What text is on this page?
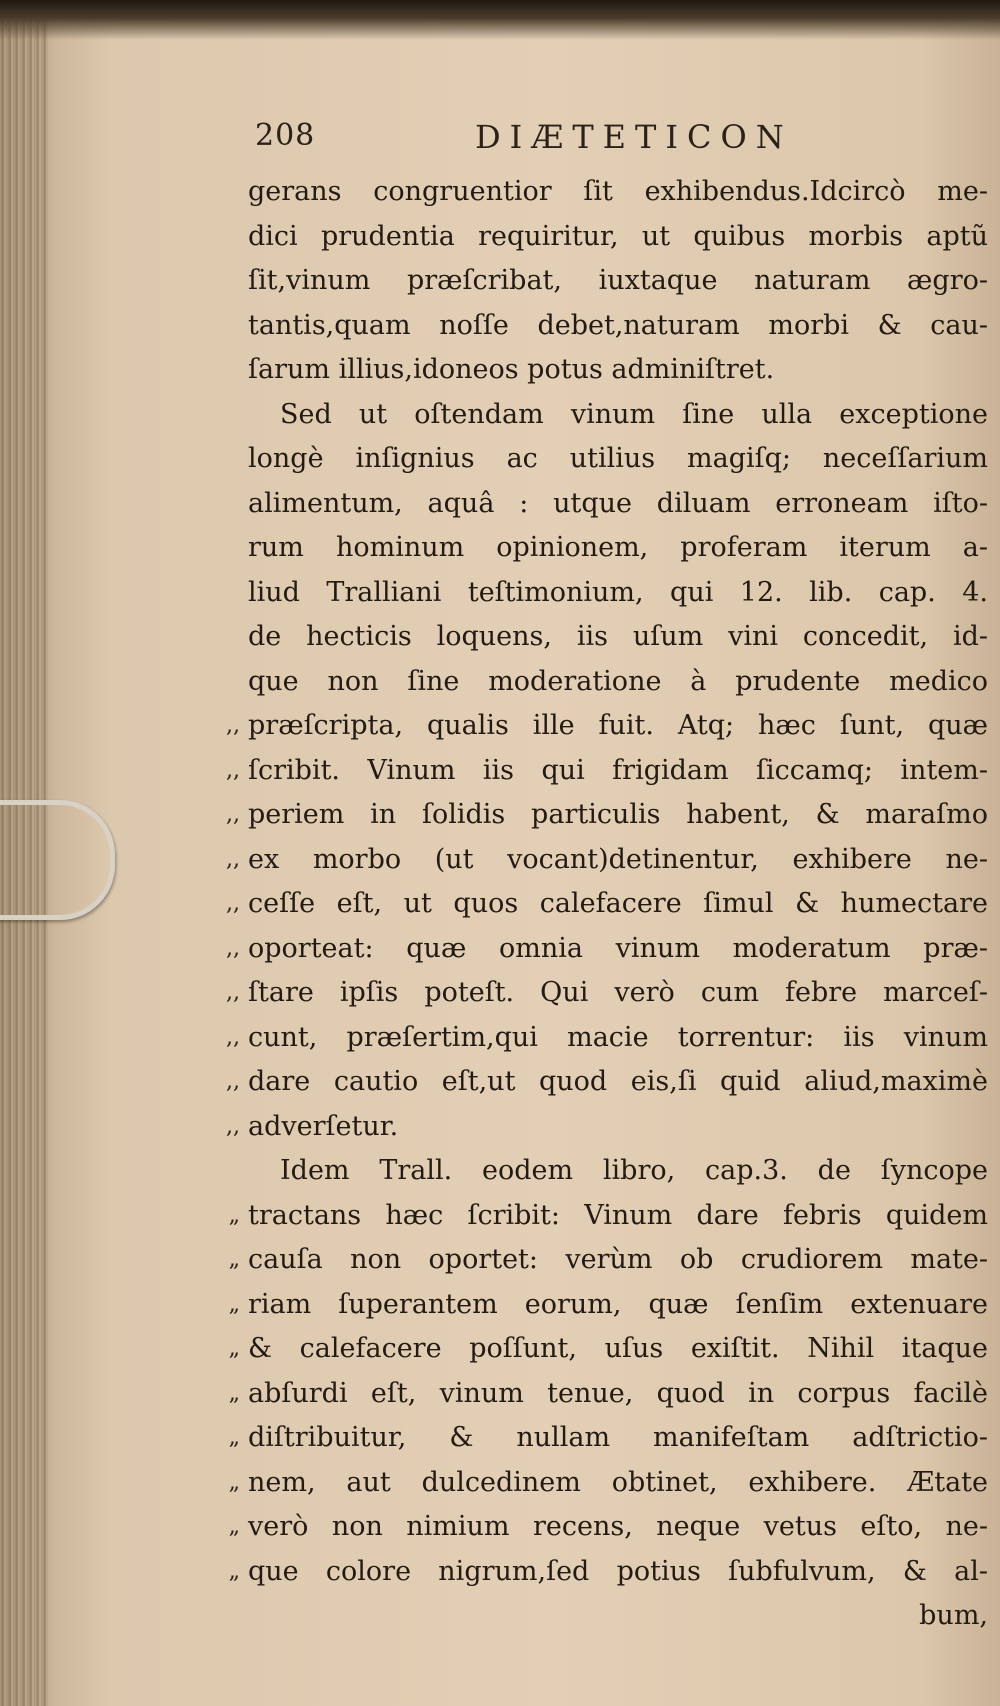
208	DIÆTETICON
gerans congruentior ſit exhibendus.Idcircò me-
dici prudentia requiritur, ut quibus morbis aptũ
ſit,vinum præſcribat, iuxtaque naturam ægro-
tantis,quam noſſe debet,naturam morbi & cau-
ſarum illius,idoneos potus adminiſtret.
Sed ut oſtendam vinum ſine ulla exceptione
longè inſignius ac utilius magiſq; neceſſarium
alimentum, aquâ : utque diluam erroneam iſto-
rum hominum opinionem, proferam iterum a-
liud Tralliani teſtimonium, qui 12. lib. cap. 4.
de hecticis loquens, iis uſum vini concedit, id-
que non ſine moderatione à prudente medico
,, præſcripta, qualis ille fuit. Atq; hæc ſunt, quæ
,, ſcribit. Vinum iis qui frigidam ſiccamq; intem-
,, periem in ſolidis particulis habent, & maraſmo
,, ex morbo (ut vocant)detinentur, exhibere ne-
,, ceſſe eſt, ut quos calefacere ſimul & humectare
,, oporteat: quæ omnia vinum moderatum præ-
,, ſtare ipſis poteſt. Qui verò cum febre marceſ-
,, cunt, præſertim,qui macie torrentur: iis vinum
,, dare cautio eſt,ut quod eis,ſi quid aliud,maximè
,, adverſetur.
Idem Trall. eodem libro, cap.3. de ſyncope
„ tractans hæc ſcribit: Vinum dare febris quidem
„ cauſa non oportet: verùm ob crudiorem mate-
„ riam ſuperantem eorum, quæ ſenſim extenuare
„ & calefacere poſſunt, uſus exiſtit. Nihil itaque
„ abſurdi eſt, vinum tenue, quod in corpus facilè
„ diſtribuitur, & nullam manifeſtam adſtrictio-
„ nem, aut dulcedinem obtinet, exhibere. Ætate
„ verò non nimium recens, neque vetus eſto, ne-
„ que colore nigrum,ſed potius ſubfulvum, & al-
bum,
